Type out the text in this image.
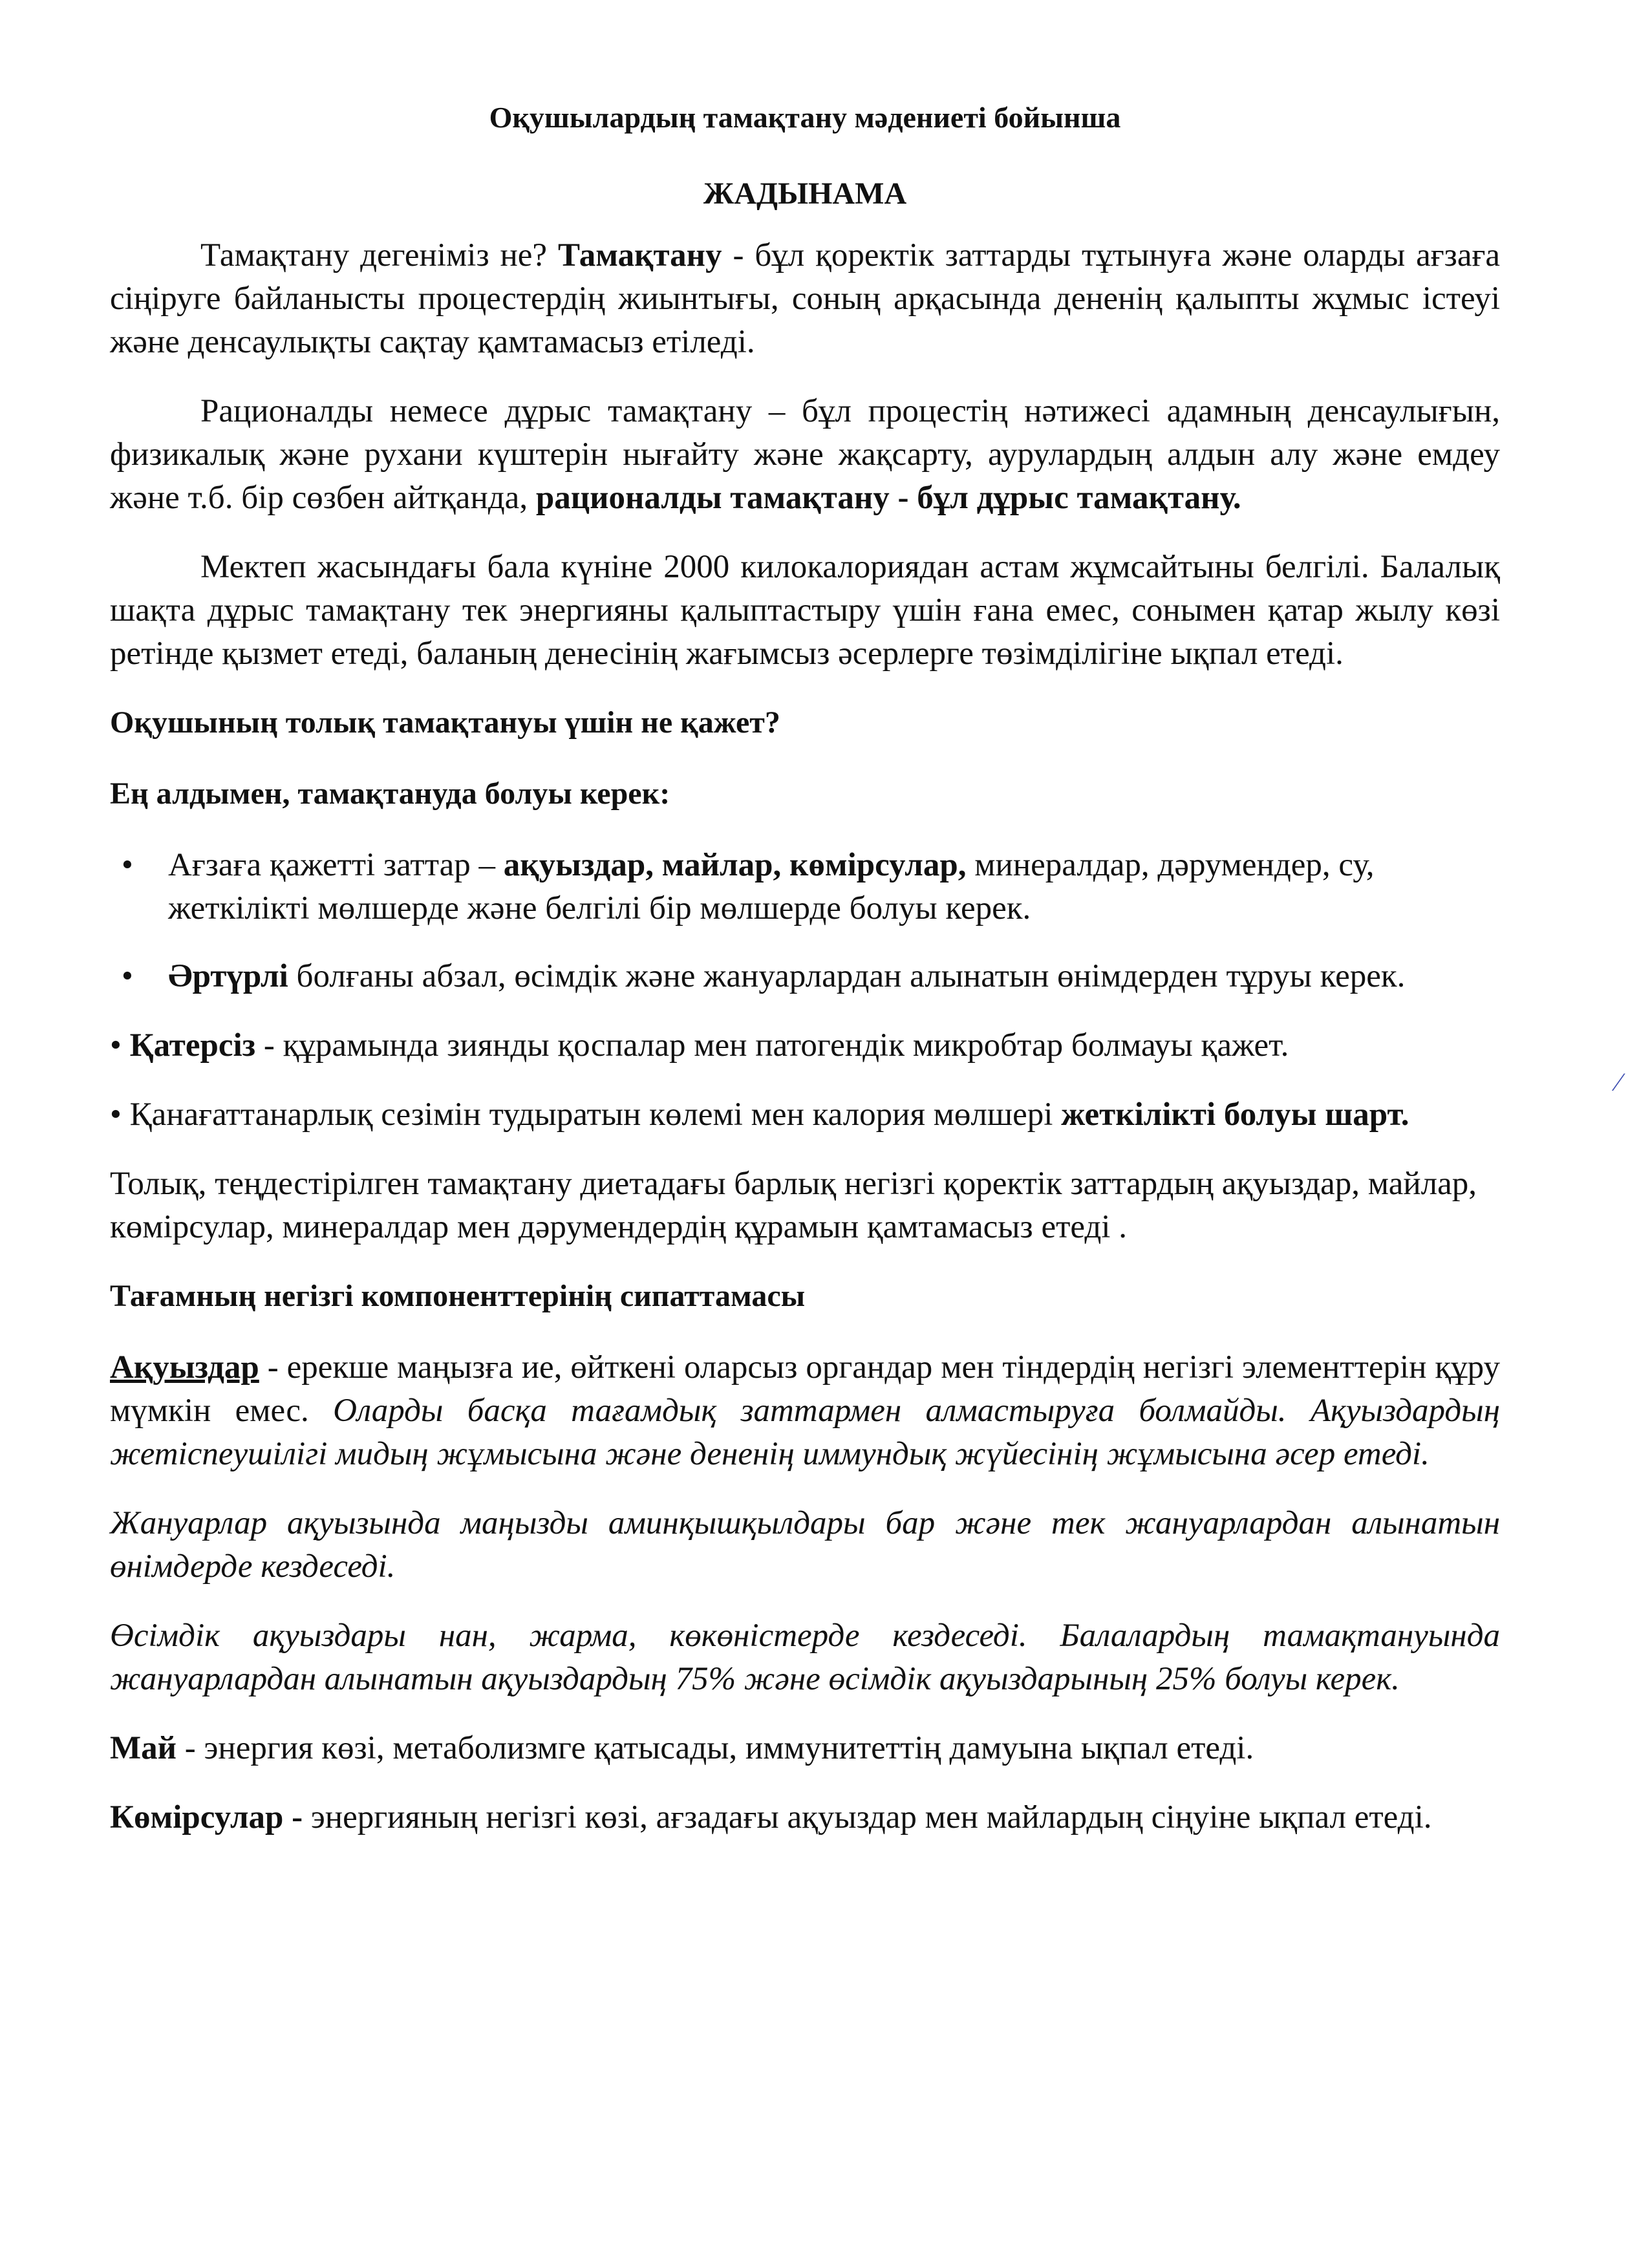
Оқушылардың тамақтану мәдениеті бойынша
ЖАДЫНАМА

Тамақтану дегеніміз не? Тамақтану - бұл қоректік заттарды тұтынуға және оларды ағзаға сіңіруге байланысты процестердің жиынтығы, соның арқасында дененің қалыпты жұмыс істеуі және денсаулықты сақтау қамтамасыз етіледі.

Рационалды немесе дұрыс тамақтану – бұл процестің нәтижесі адамның денсаулығын, физикалық және рухани күштерін нығайту және жақсарту, аурулардың алдын алу және емдеу және т.б. бір сөзбен айтқанда, рационалды тамақтану - бұл дұрыс тамақтану.

Мектеп жасындағы бала күніне 2000 килокалориядан астам жұмсайтыны белгілі. Балалық шақта дұрыс тамақтану тек энергияны қалыптастыру үшін ғана емес, сонымен қатар жылу көзі ретінде қызмет етеді, баланың денесінің жағымсыз әсерлерге төзімділігіне ықпал етеді.

Оқушының толық тамақтануы үшін не қажет?
Ең алдымен, тамақтануда болуы керек:
• Ағзаға қажетті заттар – ақуыздар, майлар, көмірсулар, минералдар, дәрумендер, су, жеткілікті мөлшерде және белгілі бір мөлшерде болуы керек.
• Әртүрлі болғаны абзал, өсімдік және жануарлардан алынатын өнімдерден тұруы керек.

• Қатерсіз - құрамында зиянды қоспалар мен патогендік микробтар болмауы қажет.

• Қанағаттанарлық сезімін тудыратын көлемі мен калория мөлшері жеткілікті болуы шарт.

Толық, теңдестірілген тамақтану диетадағы барлық негізгі қоректік заттардың ақуыздар, майлар, көмірсулар, минералдар мен дәрумендердің құрамын қамтамасыз етеді .

Тағамның негізгі компоненттерінің сипаттамасы

Ақуыздар - ерекше маңызға ие, өйткені оларсыз органдар мен тіндердің негізгі элементтерін құру мүмкін емес. Оларды басқа тағамдық заттармен алмастыруға болмайды. Ақуыздардың жетіспеушілігі мидың жұмысына және дененің иммундық жүйесінің жұмысына әсер етеді.

Жануарлар ақуызында маңызды аминқышқылдары бар және тек жануарлардан алынатын өнімдерде кездеседі.

Өсімдік ақуыздары нан, жарма, көкөністерде кездеседі. Балалардың тамақтануында жануарлардан алынатын ақуыздардың 75% және өсімдік ақуыздарының 25% болуы керек.

Май - энергия көзі, метаболизмге қатысады, иммунитеттің дамуына ықпал етеді.

Көмірсулар - энергияның негізгі көзі, ағзадағы ақуыздар мен майлардың сіңуіне ықпал етеді.

⁄
